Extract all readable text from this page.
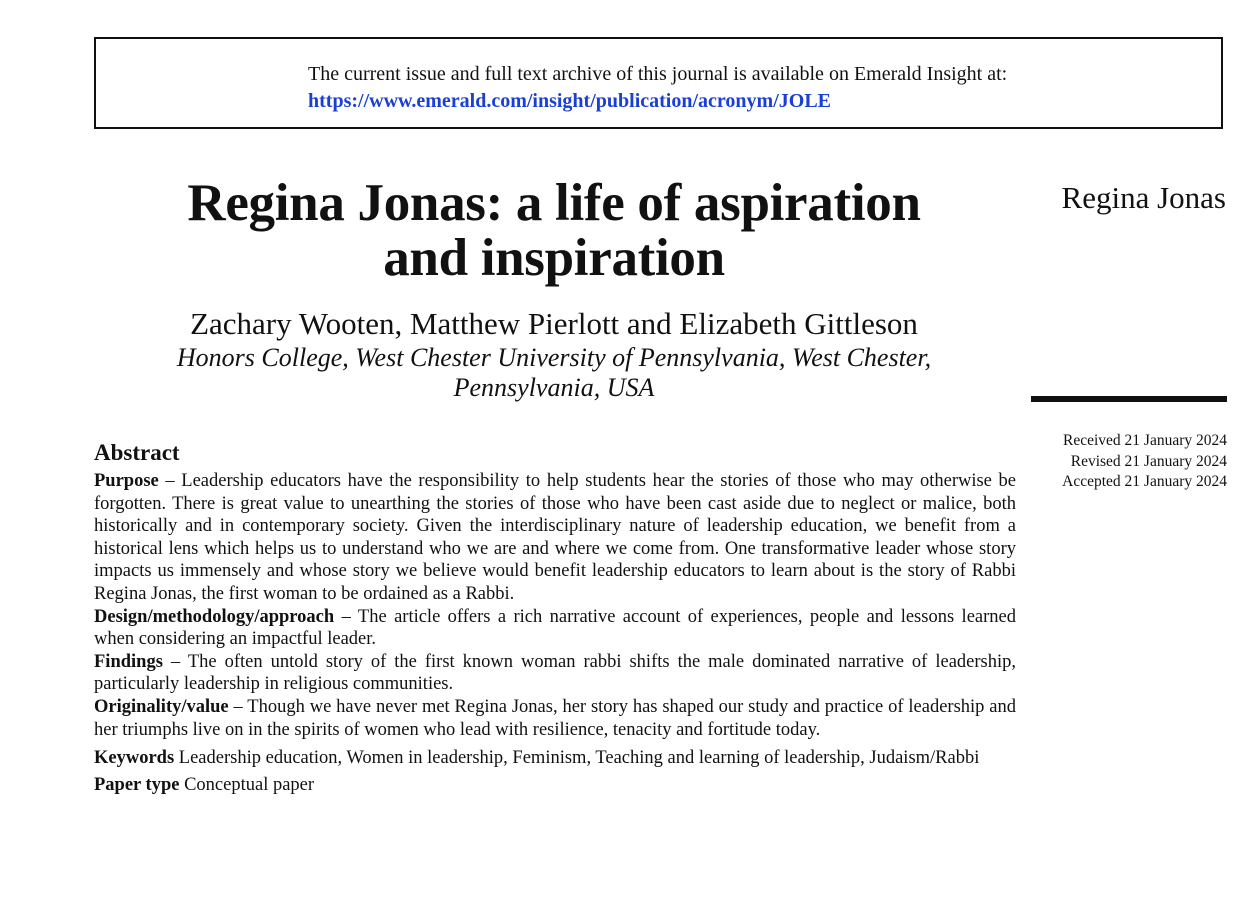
The current issue and full text archive of this journal is available on Emerald Insight at:
https://www.emerald.com/insight/publication/acronym/JOLE
Regina Jonas
Received 21 January 2024
Revised 21 January 2024
Accepted 21 January 2024
Regina Jonas: a life of aspiration
and inspiration
Zachary Wooten, Matthew Pierlott and Elizabeth Gittleson
Honors College, West Chester University of Pennsylvania, West Chester,
Pennsylvania, USA
Abstract

Purpose – Leadership educators have the responsibility to help students hear the stories of those who may otherwise be forgotten. There is great value to unearthing the stories of those who have been cast aside due to neglect or malice, both historically and in contemporary society. Given the interdisciplinary nature of leadership education, we benefit from a historical lens which helps us to understand who we are and where we come from. One transformative leader whose story impacts us immensely and whose story we believe would benefit leadership educators to learn about is the story of Rabbi Regina Jonas, the first woman to be ordained as a Rabbi.

Design/methodology/approach – The article offers a rich narrative account of experiences, people and lessons learned when considering an impactful leader.

Findings – The often untold story of the first known woman rabbi shifts the male dominated narrative of leadership, particularly leadership in religious communities.

Originality/value – Though we have never met Regina Jonas, her story has shaped our study and practice of leadership and her triumphs live on in the spirits of women who lead with resilience, tenacity and fortitude today.

Keywords Leadership education, Women in leadership, Feminism, Teaching and learning of leadership, Judaism/Rabbi

Paper type Conceptual paper
